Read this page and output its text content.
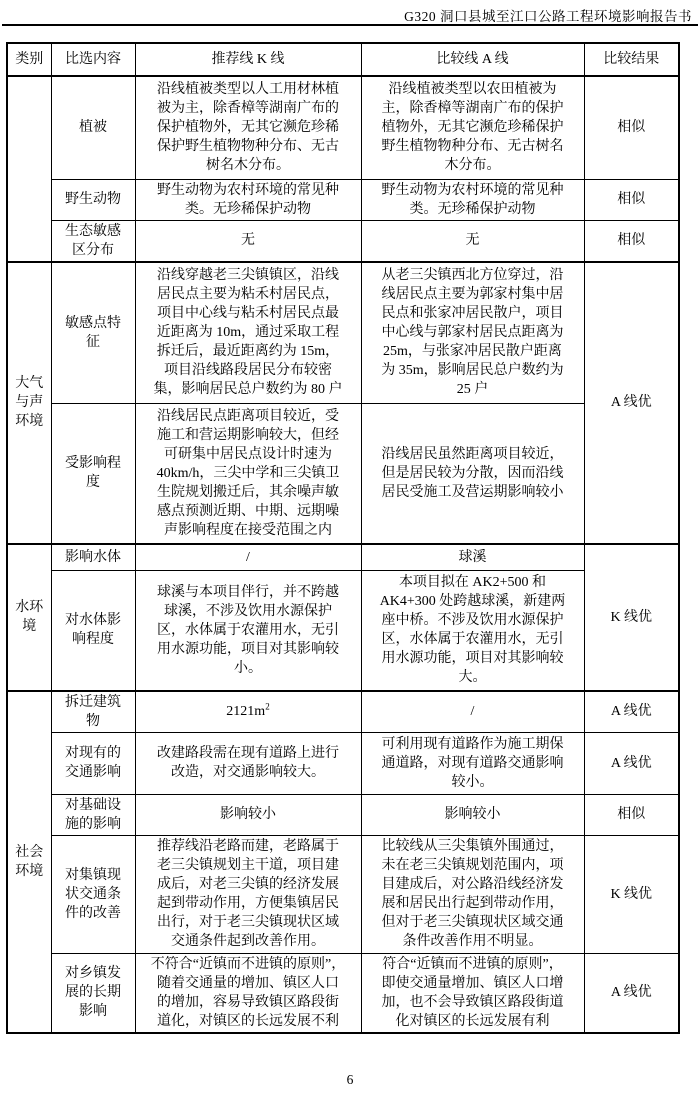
G320 洞口县城至江口公路工程环境影响报告书
类别	比选内容	推荐线 K 线	比较线 A 线	比较结果
	植被	沿线植被类型以人工用材林植被为主，除香樟等湖南广布的保护植物外，无其它濒危珍稀保护野生植物物种分布、无古树名木分布。	沿线植被类型以农田植被为主，除香樟等湖南广布的保护植物外，无其它濒危珍稀保护野生植物物种分布、无古树名木分布。	相似
	野生动物	野生动物为农村环境的常见种类。无珍稀保护动物	野生动物为农村环境的常见种类。无珍稀保护动物	相似
	生态敏感区分布	无	无	相似
大气与声环境	敏感点特征	沿线穿越老三尖镇镇区，沿线居民点主要为粘禾村居民点，项目中心线与粘禾村居民点最近距离为 10m，通过采取工程拆迁后，最近距离约为 15m，项目沿线路段居民分布较密集，影响居民总户数约为 80 户	从老三尖镇西北方位穿过，沿线居民点主要为郭家村集中居民点和张家冲居民散户，项目中心线与郭家村居民点距离为 25m，与张家冲居民散户距离为 35m，影响居民总户数约为 25 户	A 线优
	受影响程度	沿线居民点距离项目较近，受施工和营运期影响较大，但经可研集中居民点设计时速为 40km/h，三尖中学和三尖镇卫生院规划搬迁后，其余噪声敏感点预测近期、中期、远期噪声影响程度在接受范围之内	沿线居民虽然距离项目较近，但是居民较为分散，因而沿线居民受施工及营运期影响较小	
水环境	影响水体	/	球溪	K 线优
	对水体影响程度	球溪与本项目伴行，并不跨越球溪，不涉及饮用水源保护区，水体属于农灌用水，无引用水源功能，项目对其影响较小。	本项目拟在 AK2+500 和 AK4+300 处跨越球溪，新建两座中桥。不涉及饮用水源保护区，水体属于农灌用水，无引用水源功能，项目对其影响较大。	
社会环境	拆迁建筑物	$2121m^2$	/	A 线优
	对现有的交通影响	改建路段需在现有道路上进行改造，对交通影响较大。	可利用现有道路作为施工期保通道路，对现有道路交通影响较小。	A 线优
	对基础设施的影响	影响较小	影响较小	相似
	对集镇现状交通条件的改善	推荐线沿老路而建，老路属于老三尖镇规划主干道，项目建成后，对老三尖镇的经济发展起到带动作用，方便集镇居民出行，对于老三尖镇现状区域交通条件起到改善作用。	比较线从三尖集镇外围通过，未在老三尖镇规划范围内，项目建成后，对公路沿线经济发展和居民出行起到带动作用，但对于老三尖镇现状区域交通条件改善作用不明显。	K 线优
	对乡镇发展的长期影响	不符合“近镇而不进镇的原则”，随着交通量的增加、镇区人口的增加，容易导致镇区路段街道化，对镇区的长远发展不利	符合“近镇而不进镇的原则”，即使交通量增加、镇区人口增加，也不会导致镇区路段街道化对镇区的长远发展有利	A 线优
6
